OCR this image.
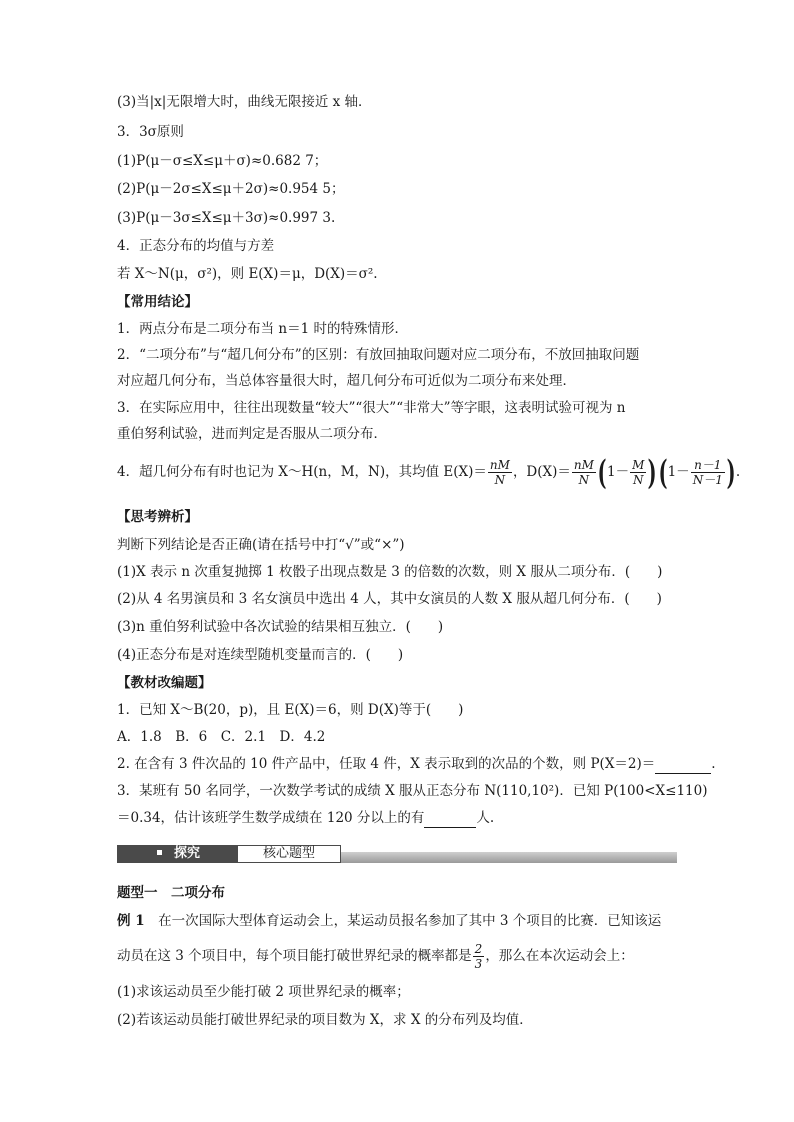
(3)当|x|无限增大时，曲线无限接近 x 轴．
3．3σ原则
(1)P(μ－σ≤X≤μ＋σ)≈0.682 7；
(2)P(μ－2σ≤X≤μ＋2σ)≈0.954 5；
(3)P(μ－3σ≤X≤μ＋3σ)≈0.997 3.
4．正态分布的均值与方差
若 X～N(μ，σ²)，则 E(X)＝μ，D(X)＝σ².
【常用结论】
1．两点分布是二项分布当 n＝1 时的特殊情形．
2．“二项分布”与“超几何分布”的区别：有放回抽取问题对应二项分布，不放回抽取问题
对应超几何分布，当总体容量很大时，超几何分布可近似为二项分布来处理．
3．在实际应用中，往往出现数量“较大”“很大”“非常大”等字眼，这表明试验可视为 n
重伯努利试验，进而判定是否服从二项分布．
4．超几何分布有时也记为 X～H(n，M，N)，其均值 $E(X)= \frac{nM}{N}$ ，$D(X)= \frac{nM}{N} (1- \frac{M}{N} )(1- \frac{n-1}{N-1}$ ).
【思考辨析】
判断下列结论是否正确(请在括号中打“√”或“×”)
(1)X 表示 n 次重复抛掷 1 枚骰子出现点数是 3 的倍数的次数，则 X 服从二项分布．(　　)
(2)从 4 名男演员和 3 名女演员中选出 4 人，其中女演员的人数 X 服从超几何分布．(　　)
(3)n 重伯努利试验中各次试验的结果相互独立．(　　)
(4)正态分布是对连续型随机变量而言的．(　　)
【教材改编题】
1．已知 X～B(20，p)，且 E(X)＝6，则 D(X)等于(　　)
A．1.8　B．6　C．2.1　D．4.2
2. 在含有 3 件次品的 10 件产品中，任取 4 件，X 表示取到的次品的个数，则 P(X＝2)＝	.
3．某班有 50 名同学，一次数学考试的成绩 X 服从正态分布 N(110,10²)．已知 P(100<X≤110)
＝0.34，估计该班学生数学成绩在 120 分以上的有	人.
探究	核心题型
题型一　二项分布
例 1　在一次国际大型体育运动会上，某运动员报名参加了其中 3 个项目的比赛．已知该运
动员在这 3 个项目中，每个项目能打破世界纪录的概率都是 $\frac{2}{3}$ ，那么在本次运动会上：
(1)求该运动员至少能打破 2 项世界纪录的概率；
(2)若该运动员能打破世界纪录的项目数为 X，求 X 的分布列及均值．
